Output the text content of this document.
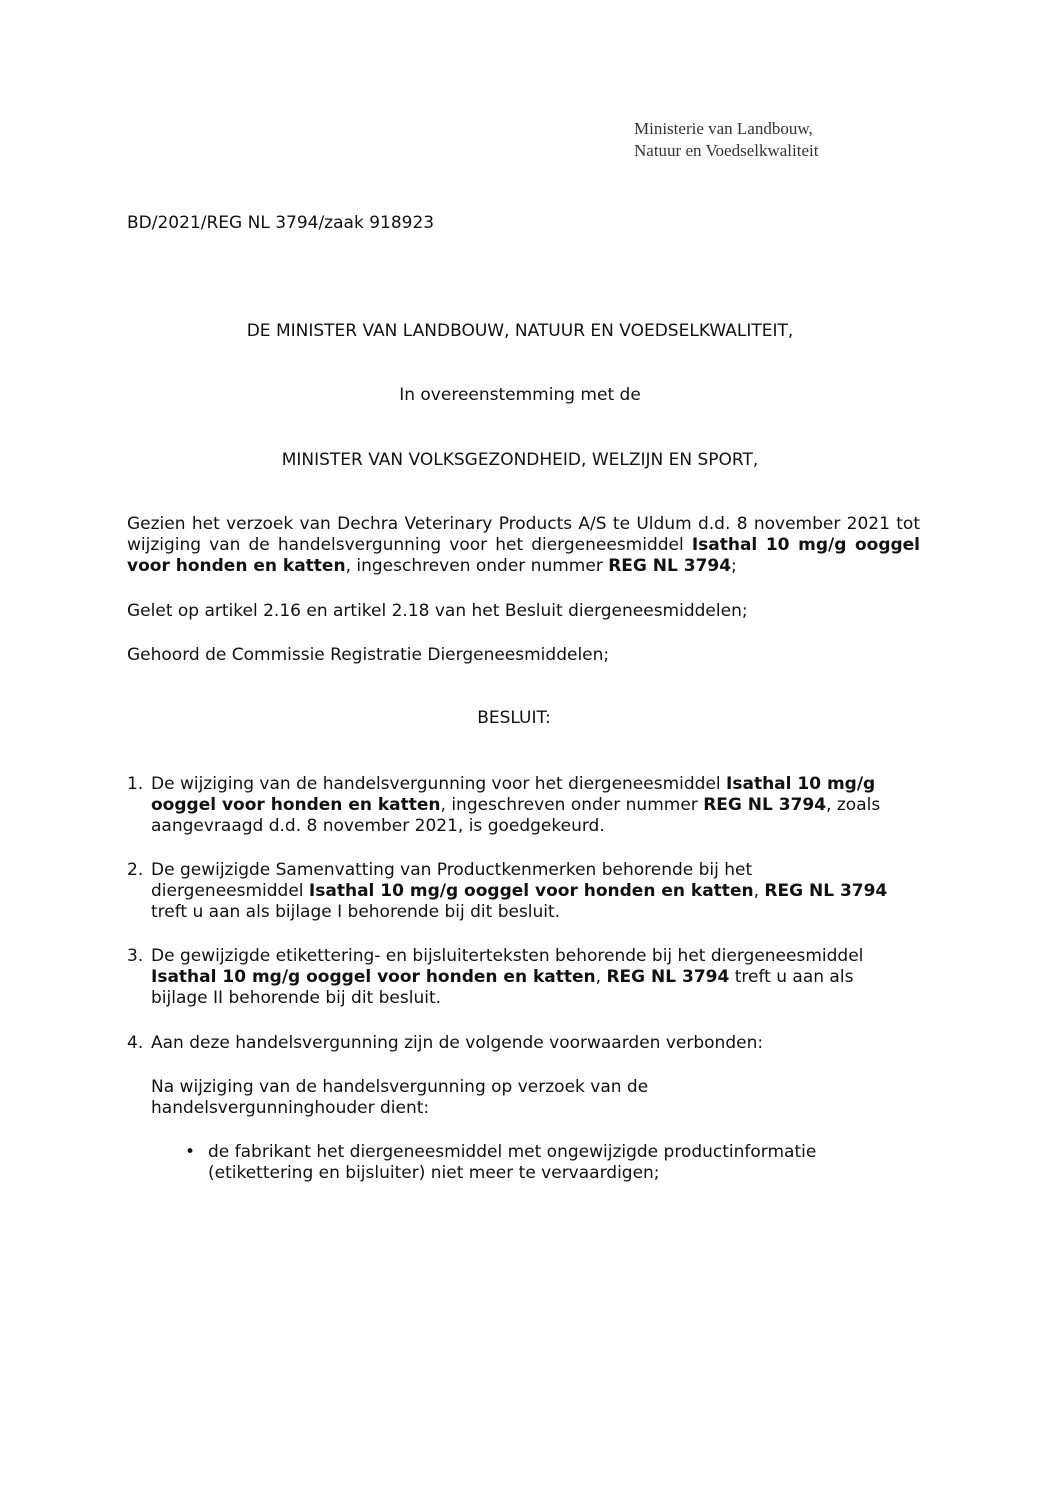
Ministerie van Landbouw,
Natuur en Voedselkwaliteit
BD/2021/REG NL 3794/zaak 918923
DE MINISTER VAN LANDBOUW, NATUUR EN VOEDSELKWALITEIT,
In overeenstemming met de
MINISTER VAN VOLKSGEZONDHEID, WELZIJN EN SPORT,
Gezien het verzoek van Dechra Veterinary Products A/S te Uldum d.d. 8 november 2021 tot wijziging van de handelsvergunning voor het diergeneesmiddel Isathal 10 mg/g ooggel voor honden en katten, ingeschreven onder nummer REG NL 3794;
Gelet op artikel 2.16 en artikel 2.18 van het Besluit diergeneesmiddelen;
Gehoord de Commissie Registratie Diergeneesmiddelen;
BESLUIT:
1. De wijziging van de handelsvergunning voor het diergeneesmiddel Isathal 10 mg/g ooggel voor honden en katten, ingeschreven onder nummer REG NL 3794, zoals aangevraagd d.d. 8 november 2021, is goedgekeurd.
2. De gewijzigde Samenvatting van Productkenmerken behorende bij het diergeneesmiddel Isathal 10 mg/g ooggel voor honden en katten, REG NL 3794 treft u aan als bijlage I behorende bij dit besluit.
3. De gewijzigde etikettering- en bijsluiterteksten behorende bij het diergeneesmiddel Isathal 10 mg/g ooggel voor honden en katten, REG NL 3794 treft u aan als bijlage II behorende bij dit besluit.
4. Aan deze handelsvergunning zijn de volgende voorwaarden verbonden:
Na wijziging van de handelsvergunning op verzoek van de handelsvergunninghouder dient:
• de fabrikant het diergeneesmiddel met ongewijzigde productinformatie (etikettering en bijsluiter) niet meer te vervaardigen;
